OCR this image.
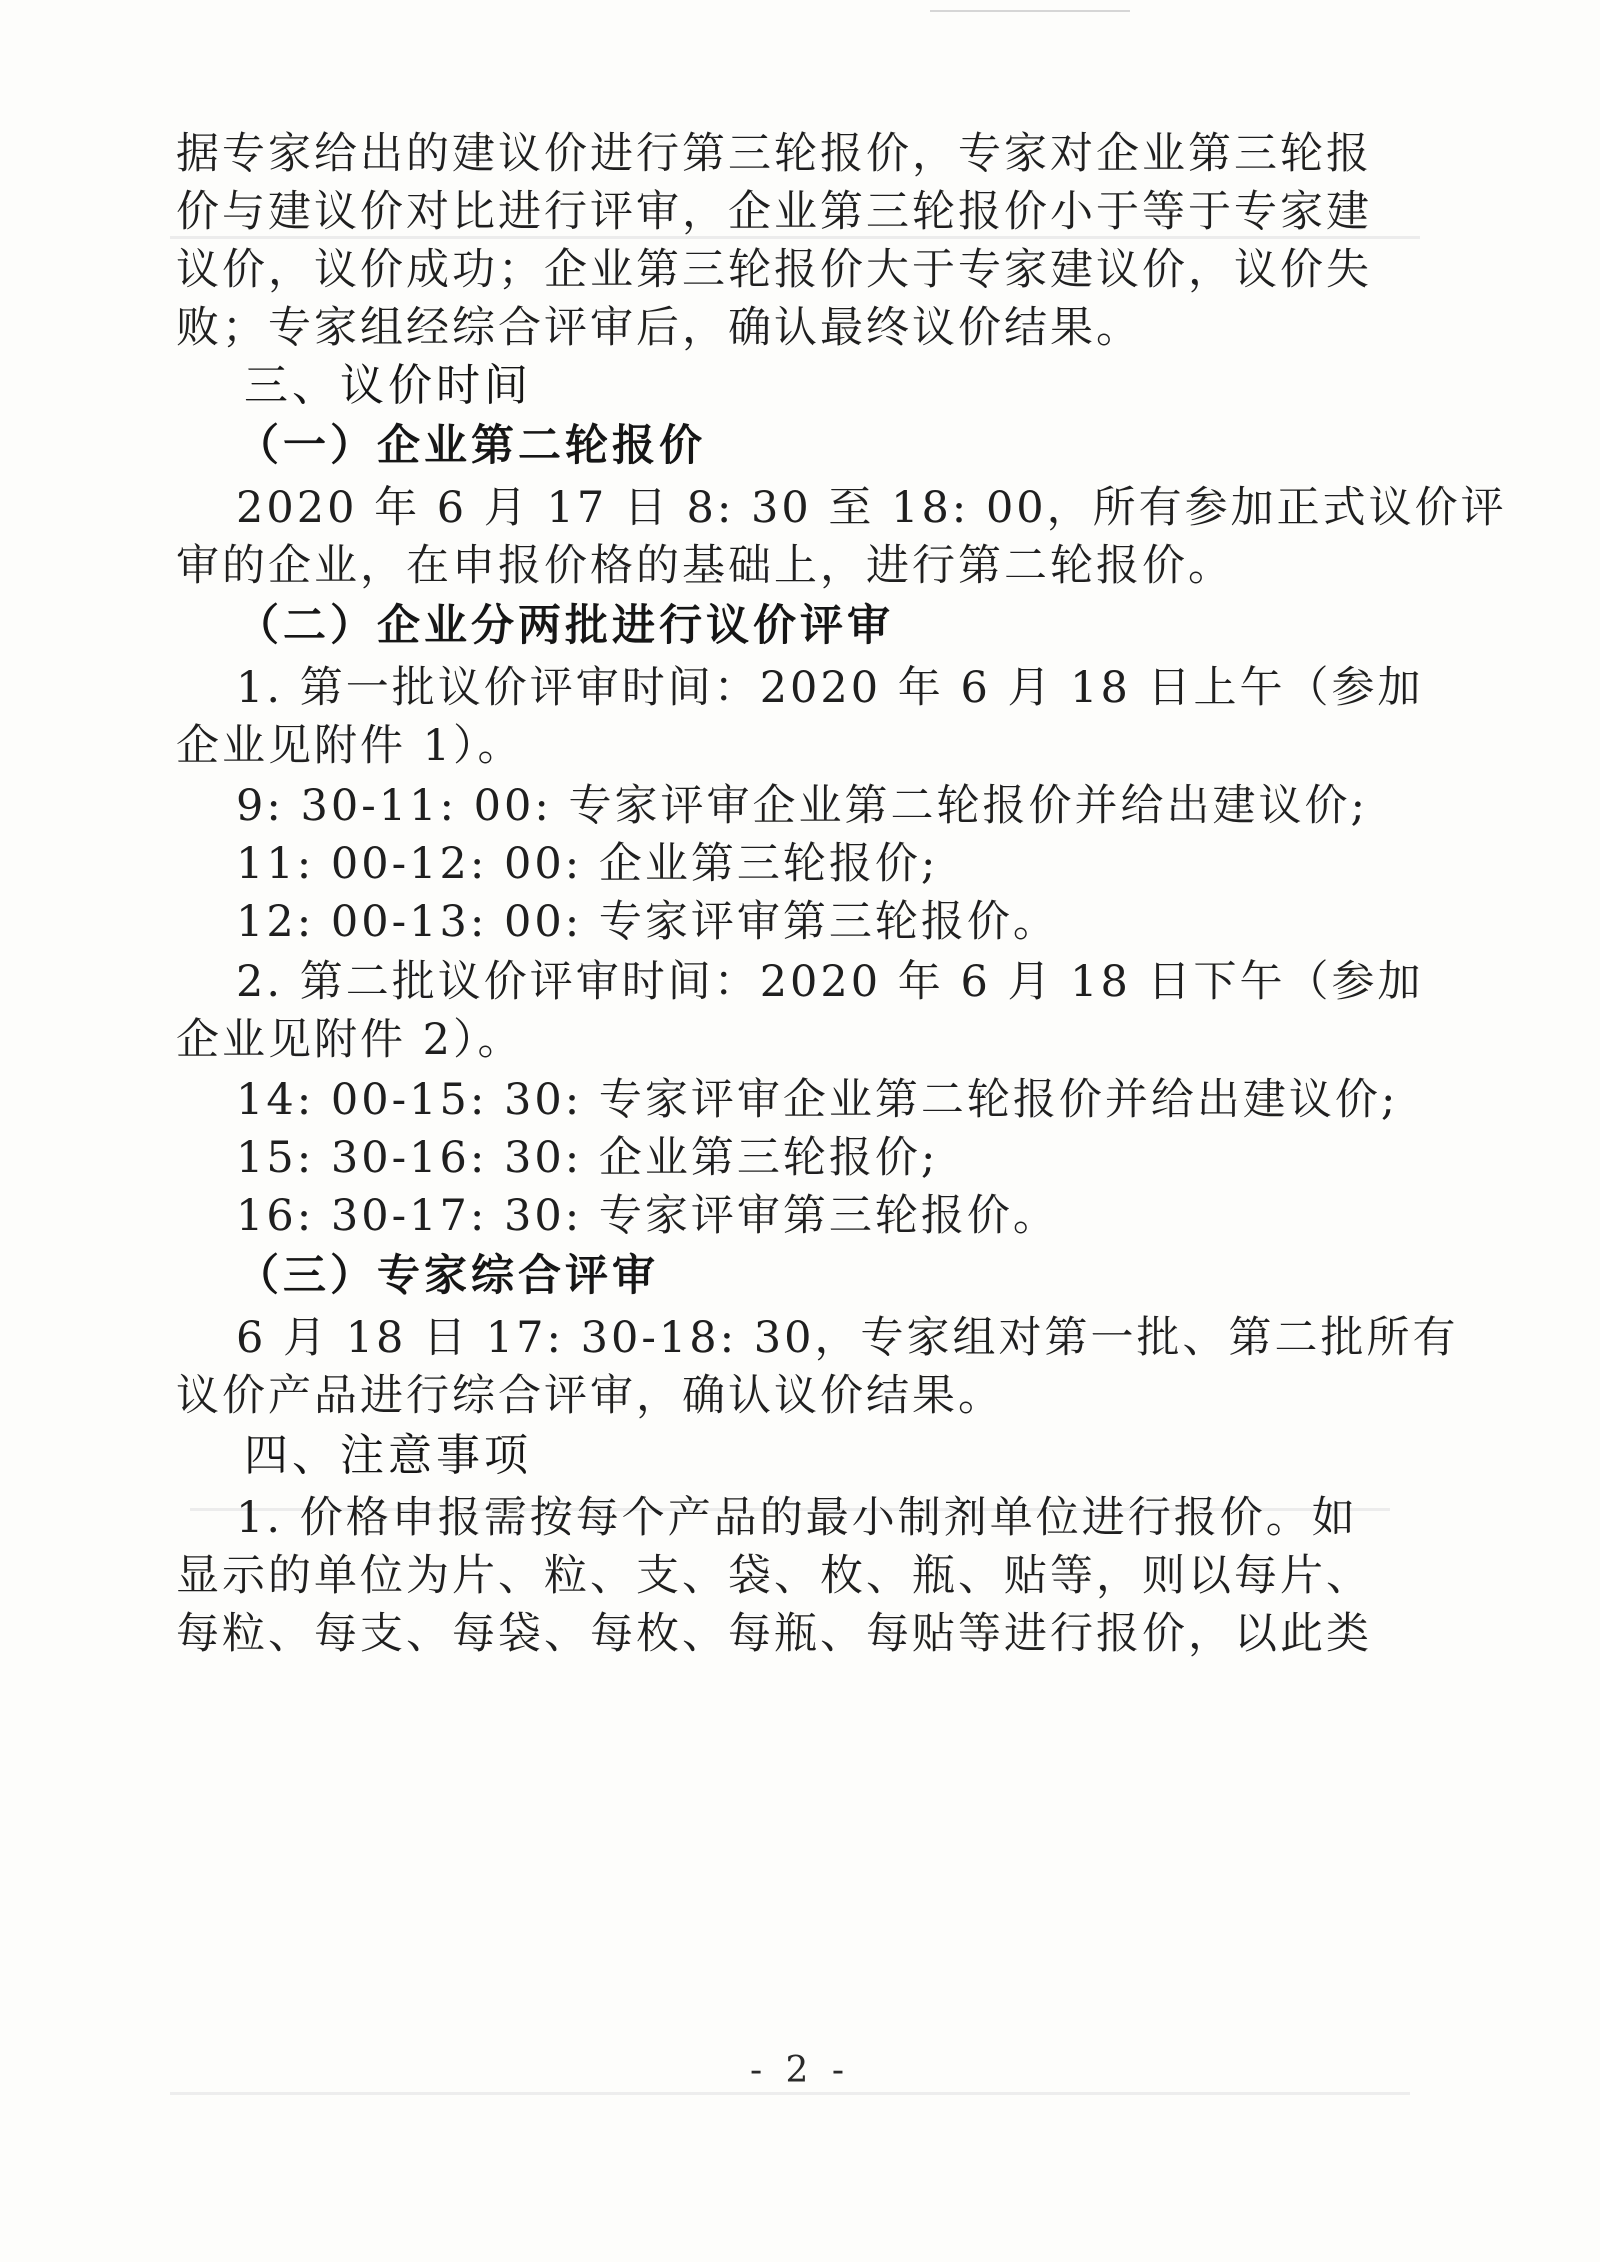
据专家给出的建议价进行第三轮报价，专家对企业第三轮报
价与建议价对比进行评审，企业第三轮报价小于等于专家建
议价，议价成功；企业第三轮报价大于专家建议价，议价失
败；专家组经综合评审后，确认最终议价结果。
三、议价时间
（一）企业第二轮报价
2020 年 6 月 17 日 8: 30 至 18: 00，所有参加正式议价评
审的企业，在申报价格的基础上，进行第二轮报价。
（二）企业分两批进行议价评审
1. 第一批议价评审时间：2020 年 6 月 18 日上午（参加
企业见附件 1）。
9: 30-11: 00: 专家评审企业第二轮报价并给出建议价;
11: 00-12: 00: 企业第三轮报价;
12: 00-13: 00: 专家评审第三轮报价。
2. 第二批议价评审时间：2020 年 6 月 18 日下午（参加
企业见附件 2）。
14: 00-15: 30: 专家评审企业第二轮报价并给出建议价;
15: 30-16: 30: 企业第三轮报价;
16: 30-17: 30: 专家评审第三轮报价。
（三）专家综合评审
6 月 18 日 17: 30-18: 30，专家组对第一批、第二批所有
议价产品进行综合评审，确认议价结果。
四、注意事项
1. 价格申报需按每个产品的最小制剂单位进行报价。如
显示的单位为片、粒、支、袋、枚、瓶、贴等，则以每片、
每粒、每支、每袋、每枚、每瓶、每贴等进行报价，以此类
- 2 -
